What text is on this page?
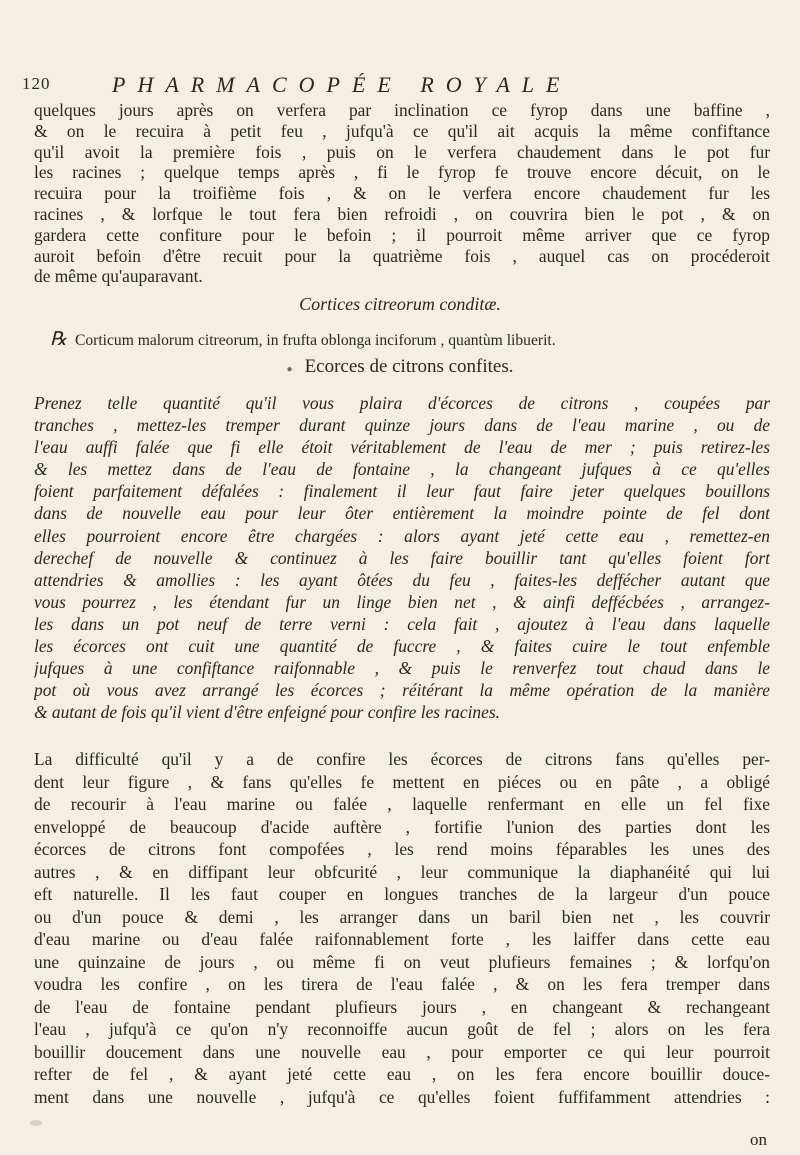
120	PHARMACOPÉE ROYALE
quelques jours après on verfera par inclination ce fyrop dans une baffine ,
& on le recuira à petit feu , jufqu'à ce qu'il ait acquis la même confiftance
qu'il avoit la première fois , puis on le verfera chaudement dans le pot fur
les racines ; quelque temps après , fi le fyrop fe trouve encore décuit, on le
recuira pour la troifième fois , & on le verfera encore chaudement fur les
racines , & lorfque le tout fera bien refroidi , on couvrira bien le pot , & on
gardera cette confiture pour le befoin ; il pourroit même arriver que ce fyrop
auroit befoin d'être recuit pour la quatrième fois , auquel cas on procéderoit
de même qu'auparavant.
Cortices citreorum conditæ.
℞ Corticum malorum citreorum, in frufta oblonga inciforum , quantùm libuerit.
● Ecorces de citrons confites.
Prenez telle quantité qu'il vous plaira d'écorces de citrons , coupées par
tranches , mettez-les tremper durant quinze jours dans de l'eau marine , ou de
l'eau auffi falée que fi elle étoit véritablement de l'eau de mer ; puis retirez-les
& les mettez dans de l'eau de fontaine , la changeant jufques à ce qu'elles
foient parfaitement défalées : finalement il leur faut faire jeter quelques bouillons
dans de nouvelle eau pour leur ôter entièrement la moindre pointe de fel dont
elles pourroient encore être chargées : alors ayant jeté cette eau , remettez-en
derechef de nouvelle & continuez à les faire bouillir tant qu'elles foient fort
attendries & amollies : les ayant ôtées du feu , faites-les deffécher autant que
vous pourrez , les étendant fur un linge bien net , & ainfi deffécbées , arrangez-
les dans un pot neuf de terre verni : cela fait , ajoutez à l'eau dans laquelle
les écorces ont cuit une quantité de fuccre , & faites cuire le tout enfemble
jufques à une confiftance raifonnable , & puis le renverfez tout chaud dans le
pot où vous avez arrangé les écorces ; réitérant la même opération de la manière
& autant de fois qu'il vient d'être enfeigné pour confire les racines.
La difficulté qu'il y a de confire les écorces de citrons fans qu'elles per-
dent leur figure , & fans qu'elles fe mettent en piéces ou en pâte , a obligé
de recourir à l'eau marine ou falée , laquelle renfermant en elle un fel fixe
enveloppé de beaucoup d'acide auftère , fortifie l'union des parties dont les
écorces de citrons font compofées , les rend moins féparables les unes des
autres , & en diffipant leur obfcurité , leur communique la diaphanéité qui lui
eft naturelle. Il les faut couper en longues tranches de la largeur d'un pouce
ou d'un pouce & demi , les arranger dans un baril bien net , les couvrir
d'eau marine ou d'eau falée raifonnablement forte , les laiffer dans cette eau
une quinzaine de jours , ou même fi on veut plufieurs femaines ; & lorfqu'on
voudra les confire , on les tirera de l'eau falée , & on les fera tremper dans
de l'eau de fontaine pendant plufieurs jours , en changeant & rechangeant
l'eau , jufqu'à ce qu'on n'y reconnoiffe aucun goût de fel ; alors on les fera
bouillir doucement dans une nouvelle eau , pour emporter ce qui leur pourroit
refter de fel , & ayant jeté cette eau , on les fera encore bouillir douce-
ment dans une nouvelle , jufqu'à ce qu'elles foient fuffifamment attendries :
on
